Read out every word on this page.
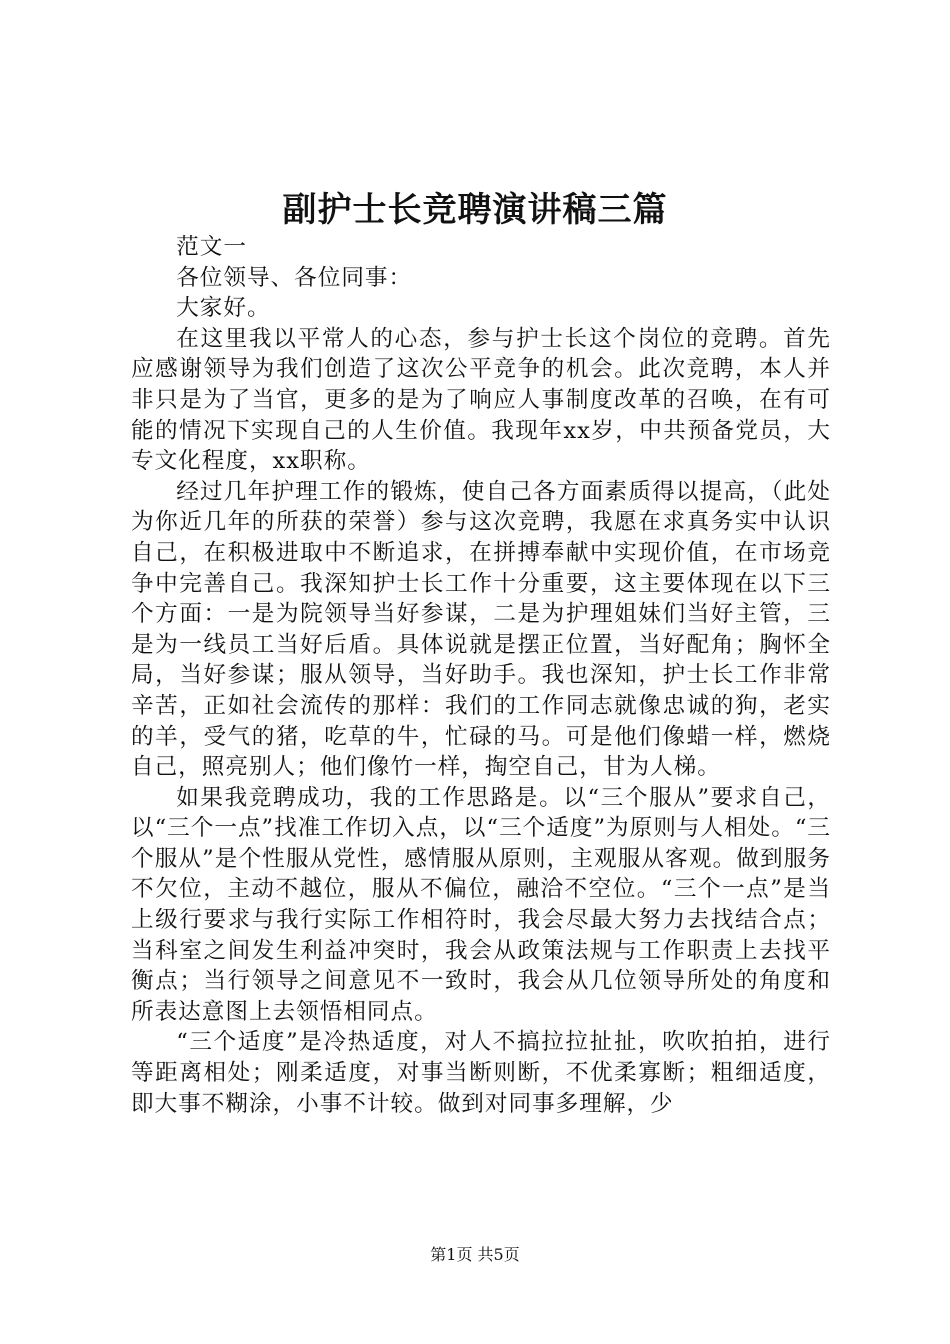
副护士长竞聘演讲稿三篇

范文一

各位领导、各位同事：

大家好。

在这里我以平常人的心态，参与护士长这个岗位的竞聘。首先应感谢领导为我们创造了这次公平竞争的机会。此次竞聘，本人并非只是为了当官，更多的是为了响应人事制度改革的召唤，在有可能的情况下实现自己的人生价值。我现年xx岁，中共预备党员，大专文化程度，xx职称。

经过几年护理工作的锻炼，使自己各方面素质得以提高，（此处为你近几年的所获的荣誉）参与这次竞聘，我愿在求真务实中认识自己，在积极进取中不断追求，在拼搏奉献中实现价值，在市场竞争中完善自己。我深知护士长工作十分重要，这主要体现在以下三个方面：一是为院领导当好参谋，二是为护理姐妹们当好主管，三是为一线员工当好后盾。具体说就是摆正位置，当好配角；胸怀全局，当好参谋；服从领导，当好助手。我也深知，护士长工作非常辛苦，正如社会流传的那样：我们的工作同志就像忠诚的狗，老实的羊，受气的猪，吃草的牛，忙碌的马。可是他们像蜡一样，燃烧自己，照亮别人；他们像竹一样，掏空自己，甘为人梯。

如果我竞聘成功，我的工作思路是。以“三个服从”要求自己，以“三个一点”找准工作切入点，以“三个适度”为原则与人相处。“三个服从”是个性服从党性，感情服从原则，主观服从客观。做到服务不欠位，主动不越位，服从不偏位，融洽不空位。“三个一点”是当上级行要求与我行实际工作相符时，我会尽最大努力去找结合点；当科室之间发生利益冲突时，我会从政策法规与工作职责上去找平衡点；当行领导之间意见不一致时，我会从几位领导所处的角度和所表达意图上去领悟相同点。

“三个适度”是冷热适度，对人不搞拉拉扯扯，吹吹拍拍，进行等距离相处；刚柔适度，对事当断则断，不优柔寡断；粗细适度，即大事不糊涂，小事不计较。做到对同事多理解，少

第1页 共5页
